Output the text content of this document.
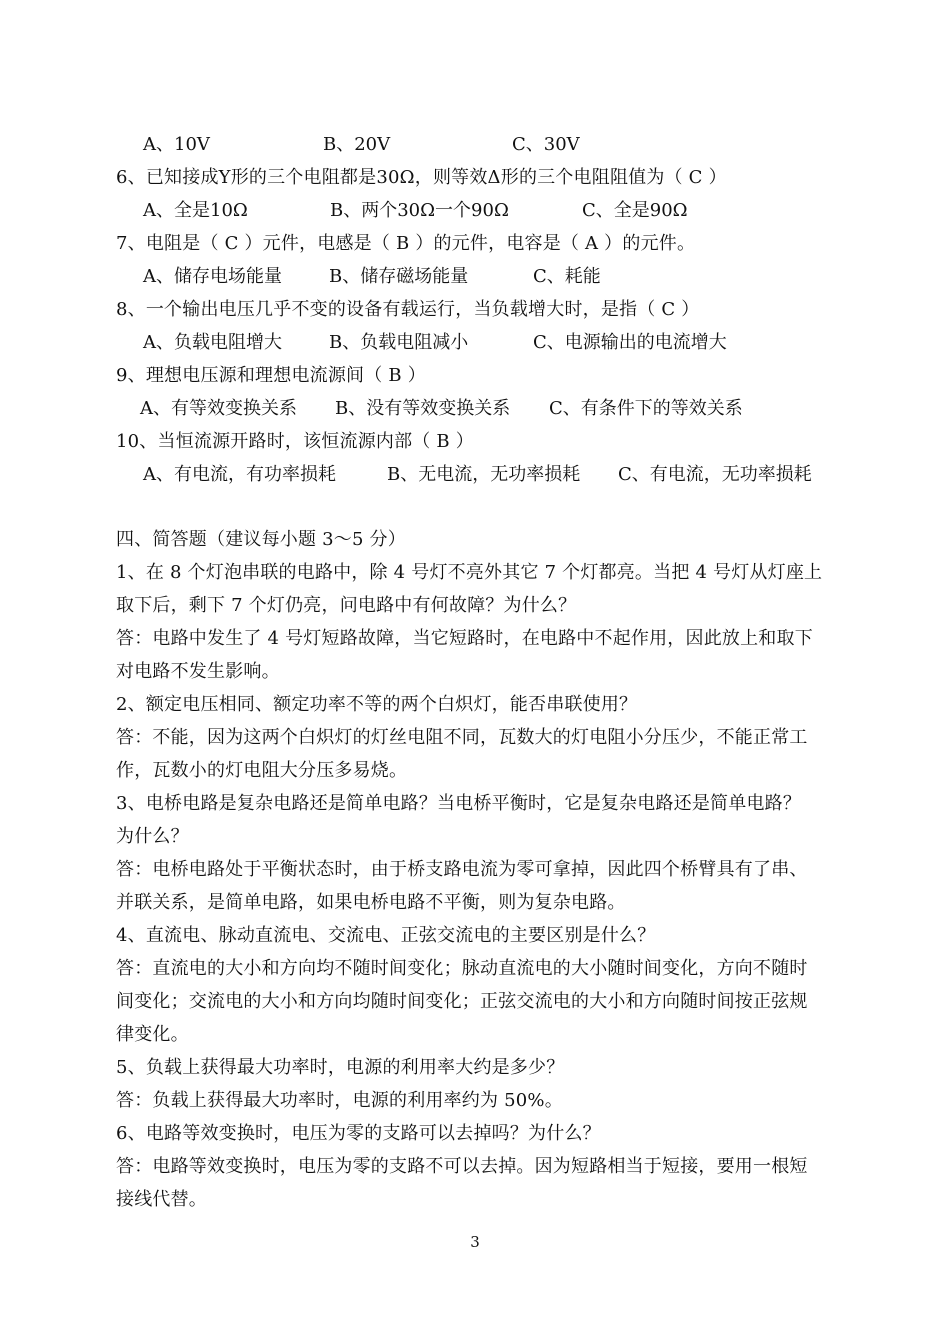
A、10V	B、20V	C、30V
6、已知接成Y形的三个电阻都是30Ω，则等效Δ形的三个电阻阻值为（ C ）
A、全是10Ω	B、两个30Ω一个90Ω	C、全是90Ω
7、电阻是（ C ）元件，电感是（ B ）的元件，电容是（ A ）的元件。
A、储存电场能量	B、储存磁场能量	C、耗能
8、一个输出电压几乎不变的设备有载运行，当负载增大时，是指（ C ）
A、负载电阻增大	B、负载电阻减小	C、电源输出的电流增大
9、理想电压源和理想电流源间（ B ）
A、有等效变换关系 B、没有等效变换关系 C、有条件下的等效关系
10、当恒流源开路时，该恒流源内部（ B ）
A、有电流，有功率损耗	B、无电流，无功率损耗 C、有电流，无功率损耗
四、简答题（建议每小题 3～5 分）
1、在 8 个灯泡串联的电路中，除 4 号灯不亮外其它 7 个灯都亮。当把 4 号灯从灯座上
取下后，剩下 7 个灯仍亮，问电路中有何故障？为什么？
答：电路中发生了 4 号灯短路故障，当它短路时，在电路中不起作用，因此放上和取下
对电路不发生影响。
2、额定电压相同、额定功率不等的两个白炽灯，能否串联使用？
答：不能，因为这两个白炽灯的灯丝电阻不同，瓦数大的灯电阻小分压少，不能正常工
作，瓦数小的灯电阻大分压多易烧。
3、电桥电路是复杂电路还是简单电路？当电桥平衡时，它是复杂电路还是简单电路？
为什么？
答：电桥电路处于平衡状态时，由于桥支路电流为零可拿掉，因此四个桥臂具有了串、
并联关系，是简单电路，如果电桥电路不平衡，则为复杂电路。
4、直流电、脉动直流电、交流电、正弦交流电的主要区别是什么？
答：直流电的大小和方向均不随时间变化；脉动直流电的大小随时间变化，方向不随时
间变化；交流电的大小和方向均随时间变化；正弦交流电的大小和方向随时间按正弦规
律变化。
5、负载上获得最大功率时，电源的利用率大约是多少？
答：负载上获得最大功率时，电源的利用率约为 50%。
6、电路等效变换时，电压为零的支路可以去掉吗？为什么？
答：电路等效变换时，电压为零的支路不可以去掉。因为短路相当于短接，要用一根短
接线代替。
3
